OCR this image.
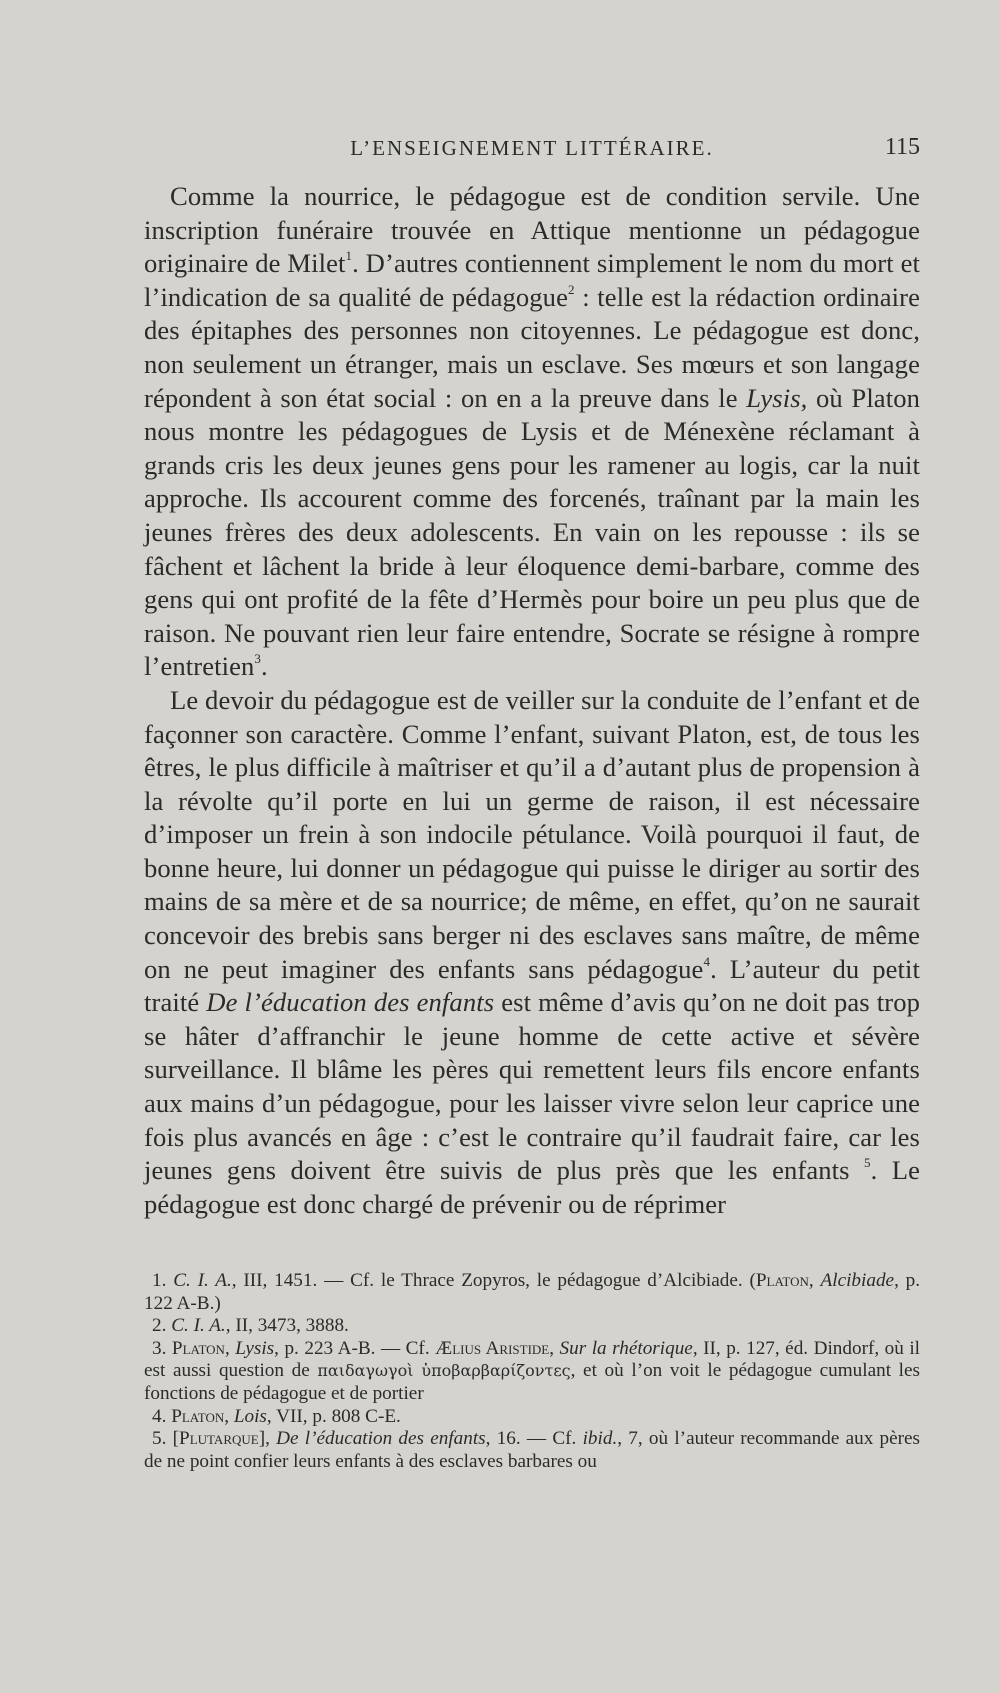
L’ENSEIGNEMENT LITTÉRAIRE.	115

Comme la nourrice, le pédagogue est de condition servile. Une inscription funéraire trouvée en Attique mentionne un pédagogue originaire de Milet$^1$. D’autres contiennent simplement le nom du mort et l’indication de sa qualité de pédagogue$^2$ : telle est la rédaction ordinaire des épitaphes des personnes non citoyennes. Le pédagogue est donc, non seulement un étranger, mais un esclave. Ses mœurs et son langage répondent à son état social : on en a la preuve dans le Lysis, où Platon nous montre les pédagogues de Lysis et de Ménexène réclamant à grands cris les deux jeunes gens pour les ramener au logis, car la nuit approche. Ils accourent comme des forcenés, traînant par la main les jeunes frères des deux adolescents. En vain on les repousse : ils se fâchent et lâchent la bride à leur éloquence demi-barbare, comme des gens qui ont profité de la fête d’Hermès pour boire un peu plus que de raison. Ne pouvant rien leur faire entendre, Socrate se résigne à rompre l’entretien$^3$.

Le devoir du pédagogue est de veiller sur la conduite de l’enfant et de façonner son caractère. Comme l’enfant, suivant Platon, est, de tous les êtres, le plus difficile à maîtriser et qu’il a d’autant plus de propension à la révolte qu’il porte en lui un germe de raison, il est nécessaire d’imposer un frein à son indocile pétulance. Voilà pourquoi il faut, de bonne heure, lui donner un pédagogue qui puisse le diriger au sortir des mains de sa mère et de sa nourrice; de même, en effet, qu’on ne saurait concevoir des brebis sans berger ni des esclaves sans maître, de même on ne peut imaginer des enfants sans pédagogue$^4$. L’auteur du petit traité De l’éducation des enfants est même d’avis qu’on ne doit pas trop se hâter d’affranchir le jeune homme de cette active et sévère surveillance. Il blâme les pères qui remettent leurs fils encore enfants aux mains d’un pédagogue, pour les laisser vivre selon leur caprice une fois plus avancés en âge : c’est le contraire qu’il faudrait faire, car les jeunes gens doivent être suivis de plus près que les enfants $^5$. Le pédagogue est donc chargé de prévenir ou de réprimer

1. C. I. A., III, 1451. — Cf. le Thrace Zopyros, le pédagogue d’Alcibiade. (Platon, Alcibiade, p. 122 A-B.)

2. C. I. A., II, 3473, 3888.

3. Platon, Lysis, p. 223 A-B. — Cf. Ælius Aristide, Sur la rhétorique, II, p. 127, éd. Dindorf, où il est aussi question de παιδαγωγοὶ ὑποβαρβαρίζοντες, et où l’on voit le pédagogue cumulant les fonctions de pédagogue et de portier

4. Platon, Lois, VII, p. 808 C-E.

5. [Plutarque], De l’éducation des enfants, 16. — Cf. ibid., 7, où l’auteur recommande aux pères de ne point confier leurs enfants à des esclaves barbares ou
